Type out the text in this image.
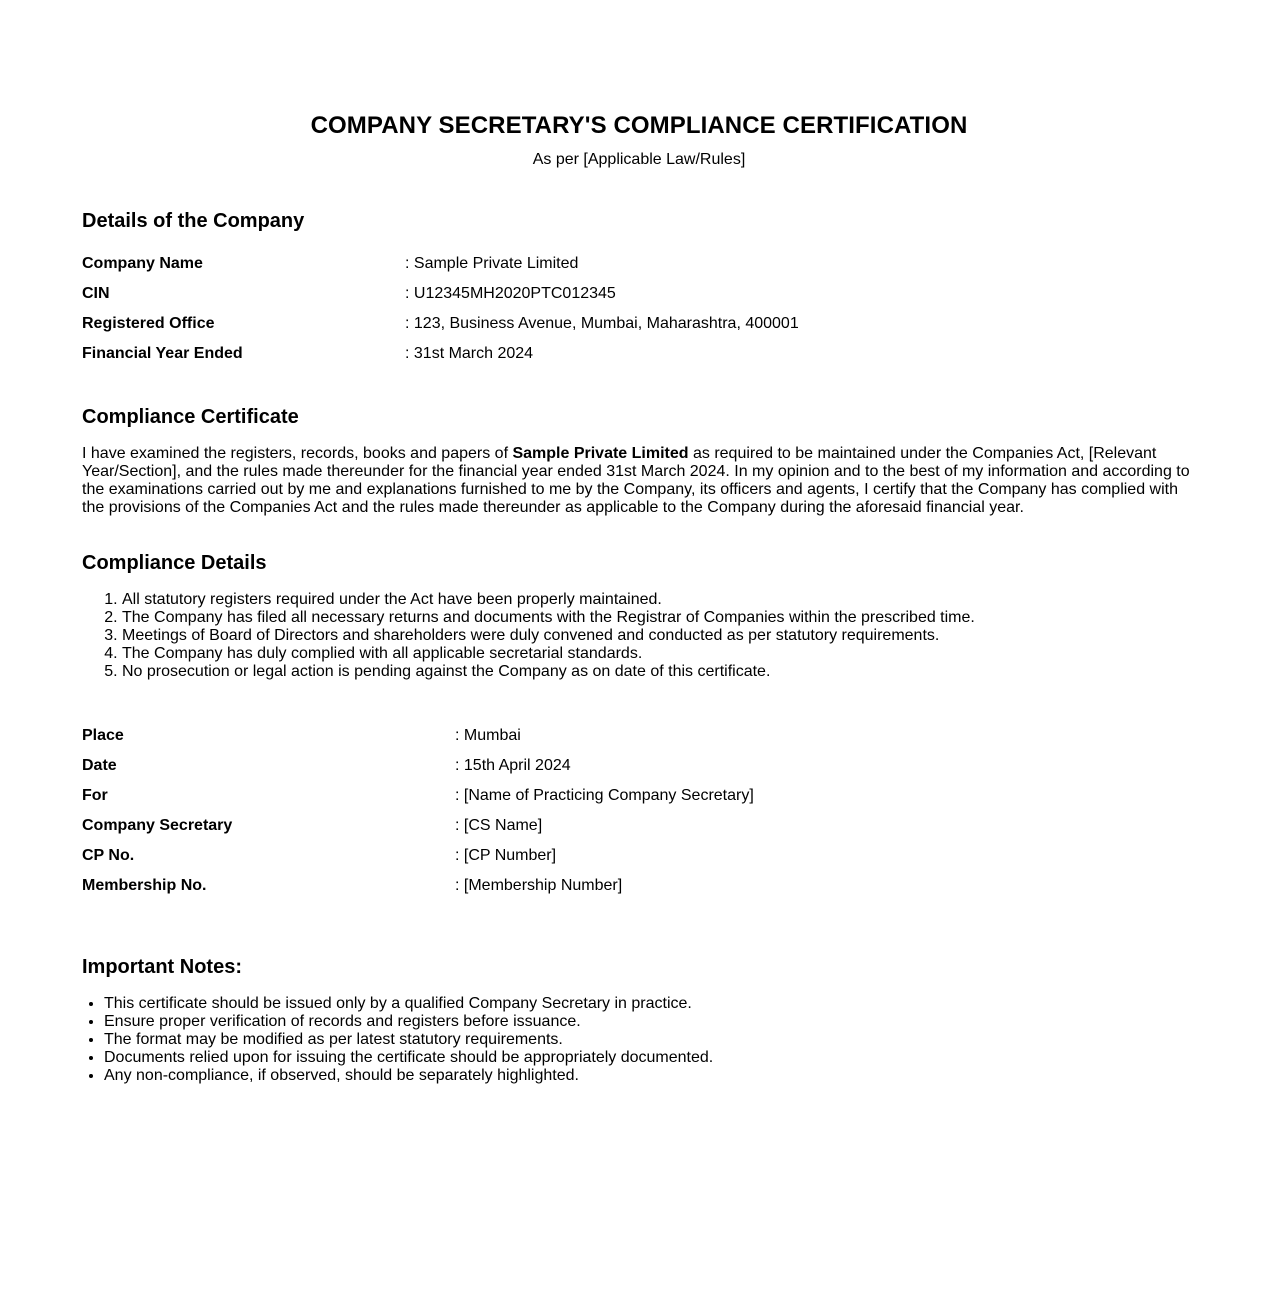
COMPANY SECRETARY'S COMPLIANCE CERTIFICATION

As per [Applicable Law/Rules]

Details of the Company
Company Name	: Sample Private Limited
CIN	: U12345MH2020PTC012345
Registered Office	: 123, Business Avenue, Mumbai, Maharashtra, 400001
Financial Year Ended	: 31st March 2024
Compliance Certificate

I have examined the registers, records, books and papers of Sample Private Limited as required to be maintained under the Companies Act, [Relevant Year/Section], and the rules made thereunder for the financial year ended 31st March 2024. In my opinion and to the best of my information and according to the examinations carried out by me and explanations furnished to me by the Company, its officers and agents, I certify that the Company has complied with the provisions of the Companies Act and the rules made thereunder as applicable to the Company during the aforesaid financial year.

Compliance Details
1. All statutory registers required under the Act have been properly maintained.
2. The Company has filed all necessary returns and documents with the Registrar of Companies within the prescribed time.
3. Meetings of Board of Directors and shareholders were duly convened and conducted as per statutory requirements.
4. The Company has duly complied with all applicable secretarial standards.
5. No prosecution or legal action is pending against the Company as on date of this certificate.
Place	: Mumbai
Date	: 15th April 2024
For	: [Name of Practicing Company Secretary]
Company Secretary	: [CS Name]
CP No.	: [CP Number]
Membership No.	: [Membership Number]
Important Notes:
• This certificate should be issued only by a qualified Company Secretary in practice.
• Ensure proper verification of records and registers before issuance.
• The format may be modified as per latest statutory requirements.
• Documents relied upon for issuing the certificate should be appropriately documented.
• Any non-compliance, if observed, should be separately highlighted.
